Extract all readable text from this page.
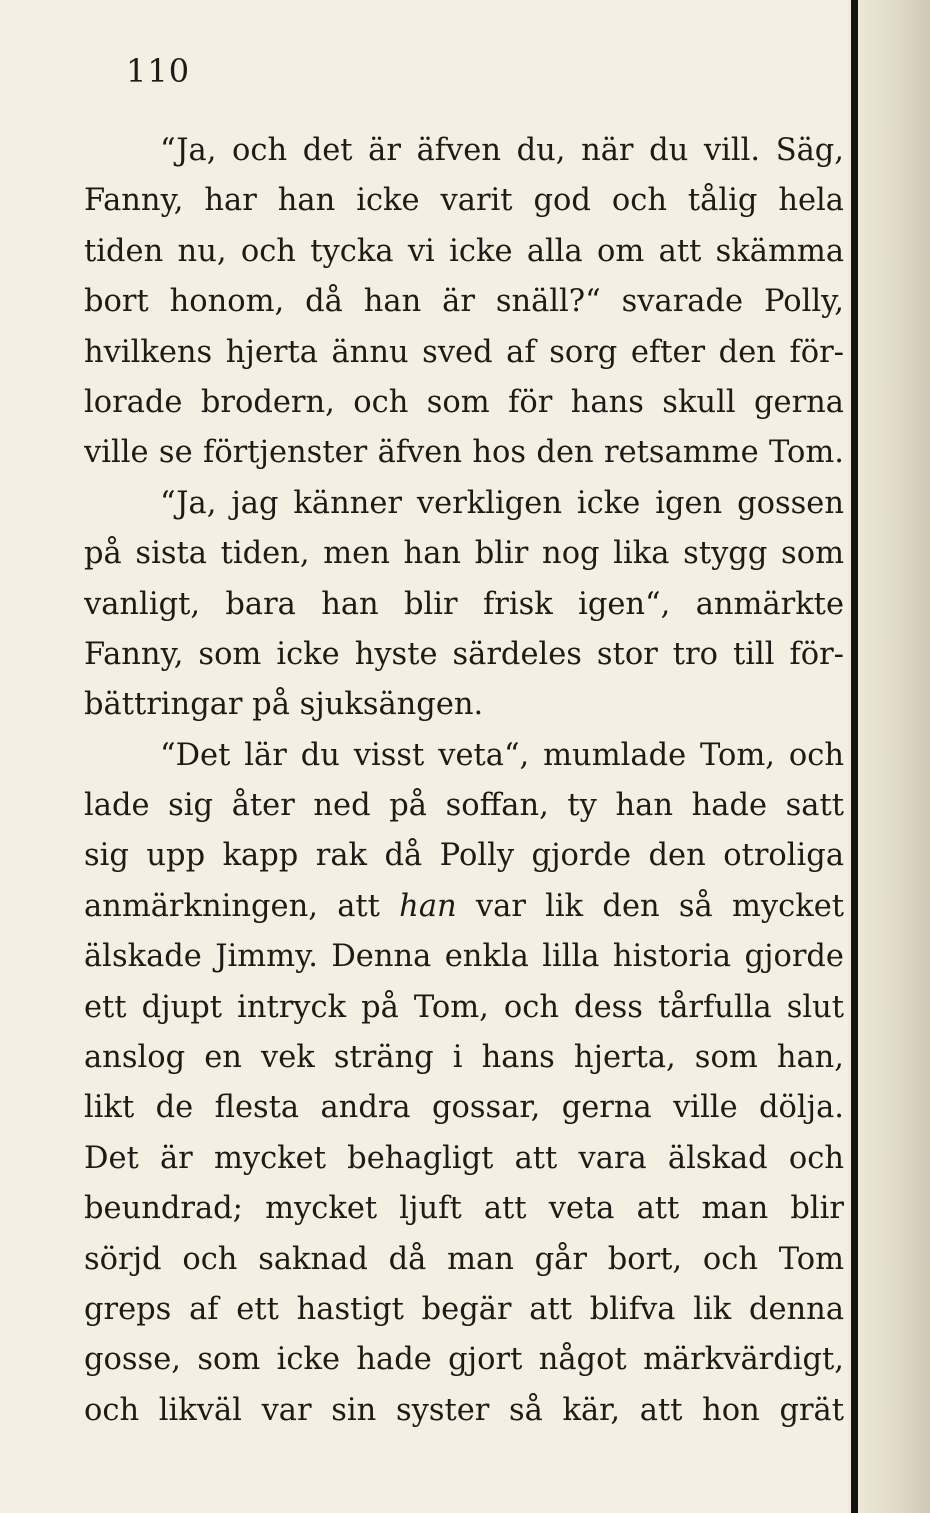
110
“Ja, och det är äfven du, när du vill. Säg,
Fanny, har han icke varit god och tålig hela
tiden nu, och tycka vi icke alla om att skämma
bort honom, då han är snäll?“ svarade Polly,
hvilkens hjerta ännu sved af sorg efter den för-
lorade brodern, och som för hans skull gerna
ville se förtjenster äfven hos den retsamme Tom.
“Ja, jag känner verkligen icke igen gossen
på sista tiden, men han blir nog lika stygg som
vanligt, bara han blir frisk igen“, anmärkte
Fanny, som icke hyste särdeles stor tro till för-
bättringar på sjuksängen.
“Det lär du visst veta“, mumlade Tom, och
lade sig åter ned på soffan, ty han hade satt
sig upp kapp rak då Polly gjorde den otroliga
anmärkningen, att han var lik den så mycket
älskade Jimmy. Denna enkla lilla historia gjorde
ett djupt intryck på Tom, och dess tårfulla slut
anslog en vek sträng i hans hjerta, som han,
likt de flesta andra gossar, gerna ville dölja.
Det är mycket behagligt att vara älskad och
beundrad; mycket ljuft att veta att man blir
sörjd och saknad då man går bort, och Tom
greps af ett hastigt begär att blifva lik denna
gosse, som icke hade gjort något märkvärdigt,
och likväl var sin syster så kär, att hon grät
